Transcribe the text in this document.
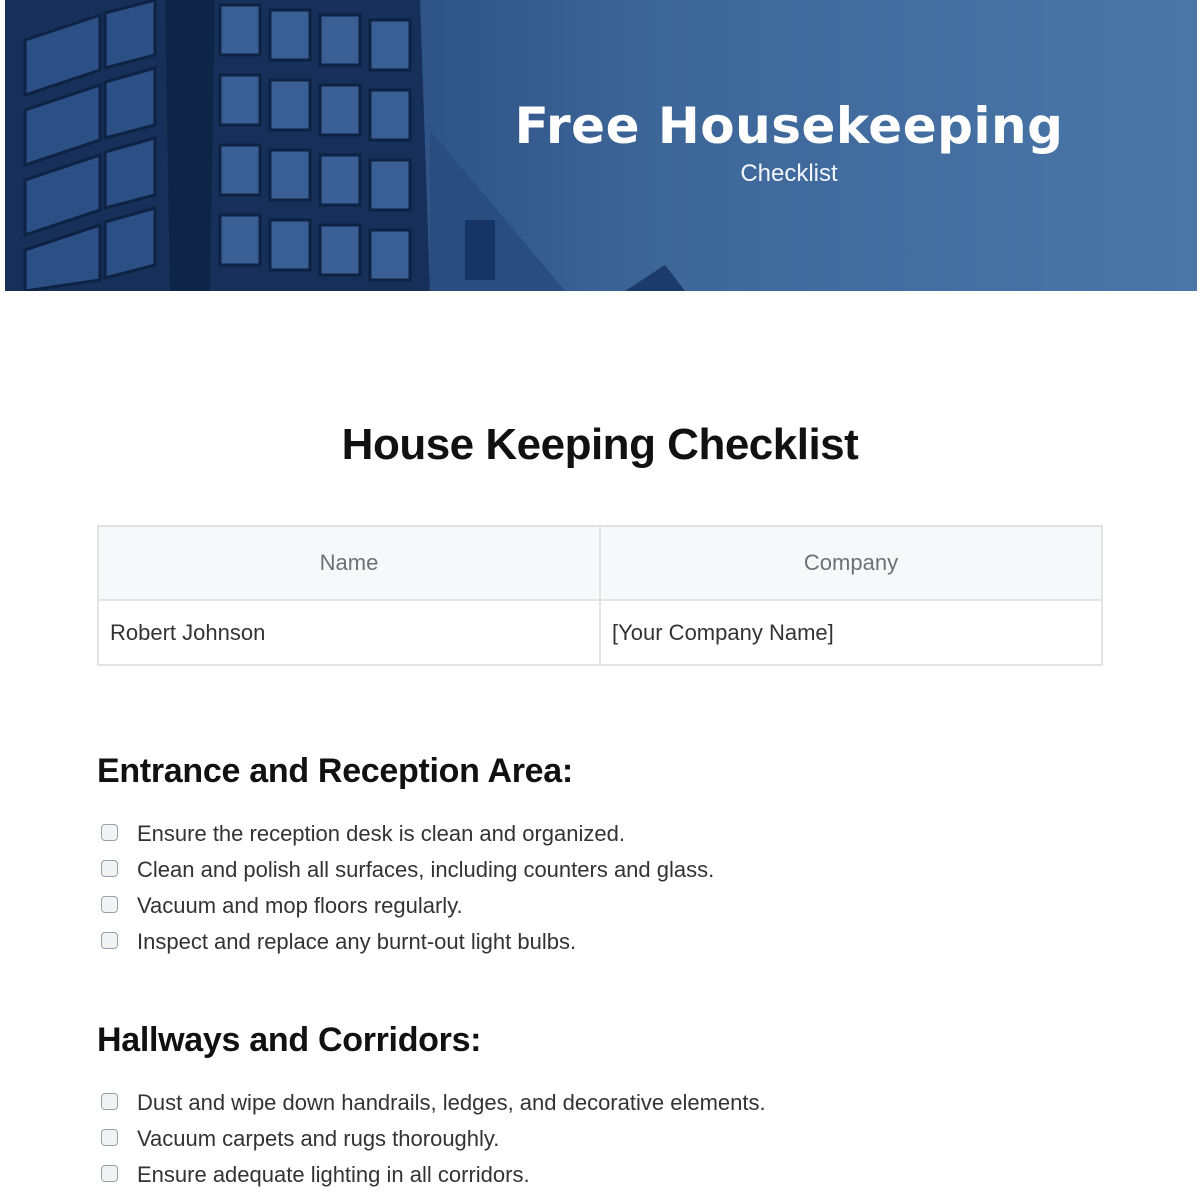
Free Housekeeping
Checklist
House Keeping Checklist
Name	Company
Robert Johnson	[Your Company Name]
Entrance and Reception Area:
Ensure the reception desk is clean and organized.
Clean and polish all surfaces, including counters and glass.
Vacuum and mop floors regularly.
Inspect and replace any burnt-out light bulbs.
Hallways and Corridors:
Dust and wipe down handrails, ledges, and decorative elements.
Vacuum carpets and rugs thoroughly.
Ensure adequate lighting in all corridors.
